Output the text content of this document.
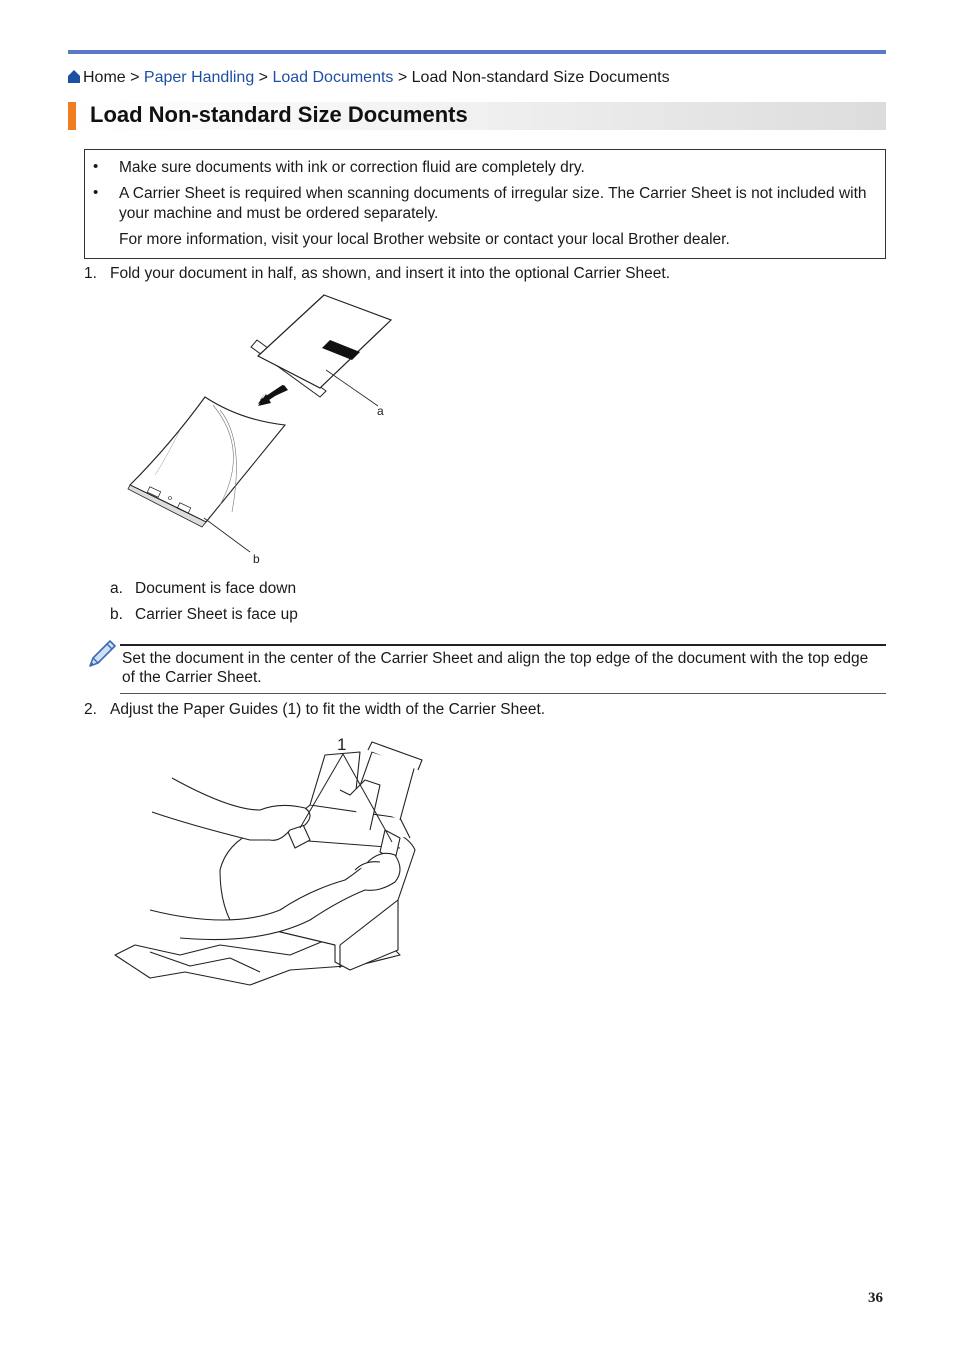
Home > Paper Handling > Load Documents > Load Non-standard Size Documents
Load Non-standard Size Documents
• Make sure documents with ink or correction fluid are completely dry.
• A Carrier Sheet is required when scanning documents of irregular size. The Carrier Sheet is not included with your machine and must be ordered separately.
For more information, visit your local Brother website or contact your local Brother dealer.
1. Fold your document in half, as shown, and insert it into the optional Carrier Sheet.
a
b
a. Document is face down
b. Carrier Sheet is face up
Set the document in the center of the Carrier Sheet and align the top edge of the document with the top edge of the Carrier Sheet.
2. Adjust the Paper Guides (1) to fit the width of the Carrier Sheet.
1
36
